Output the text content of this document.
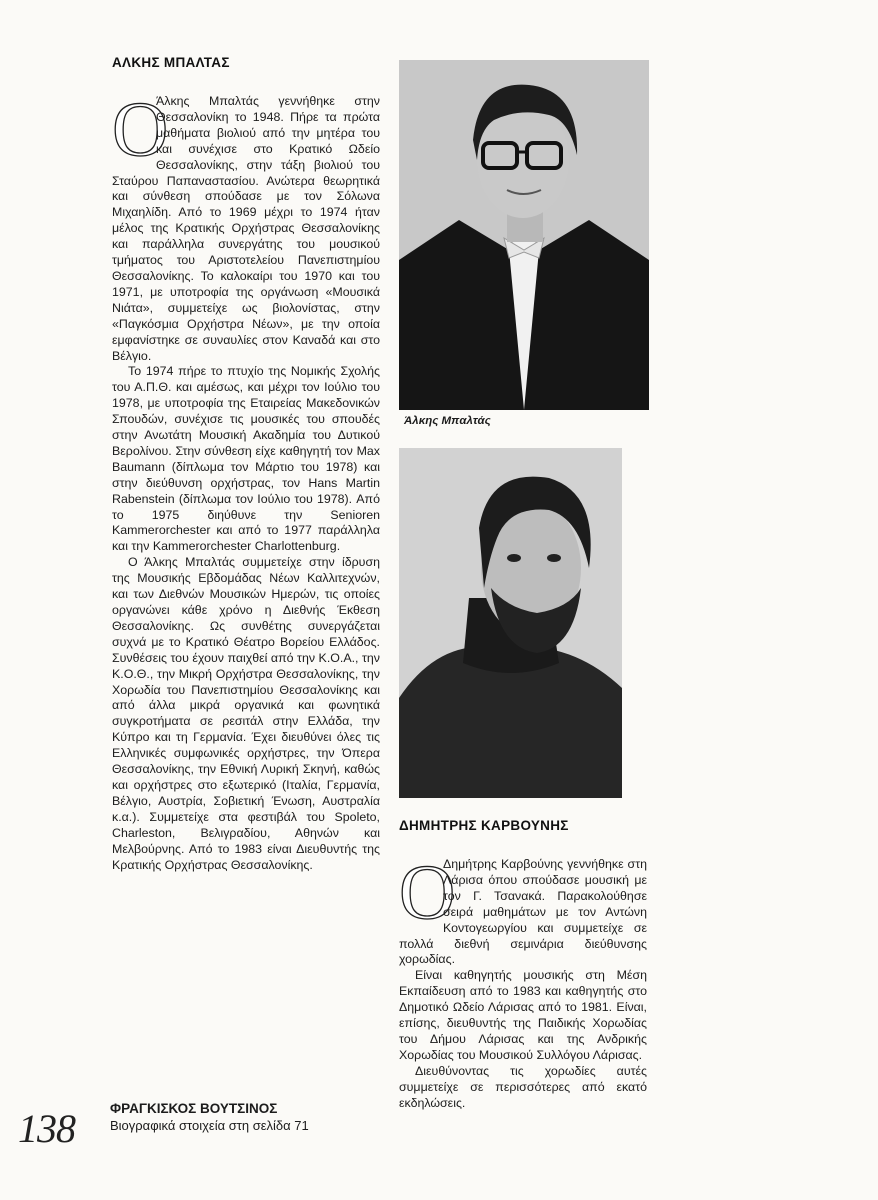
ΑΛΚΗΣ ΜΠΑΛΤΑΣ
Ο

Άλκης Μπαλτάς γεννήθηκε στην Θεσσαλονίκη το 1948. Πήρε τα πρώτα μαθήματα βιολιού από την μητέρα του και συνέχισε στο Κρατικό Ωδείο Θεσσαλονίκης, στην τάξη βιολιού του Σταύρου Παπαναστασίου. Ανώτερα θεωρητικά και σύνθεση σπούδασε με τον Σόλωνα Μιχαηλίδη. Από το 1969 μέχρι το 1974 ήταν μέλος της Κρατικής Ορχήστρας Θεσσαλονίκης και παράλληλα συνεργάτης του μουσικού τμήματος του Αριστοτελείου Πανεπιστημίου Θεσσαλονίκης. Το καλοκαίρι του 1970 και του 1971, με υποτροφία της οργάνωση «Μουσικά Νιάτα», συμμετείχε ως βιολονίστας, στην «Παγκόσμια Ορχήστρα Νέων», με την οποία εμφανίστηκε σε συναυλίες στον Καναδά και στο Βέλγιο.

Το 1974 πήρε το πτυχίο της Νομικής Σχολής του Α.Π.Θ. και αμέσως, και μέχρι τον Ιούλιο του 1978, με υποτροφία της Εταιρείας Μακεδονικών Σπουδών, συνέχισε τις μουσικές του σπουδές στην Ανωτάτη Μουσική Ακαδημία του Δυτικού Βερολίνου. Στην σύνθεση είχε καθηγητή τον Max Baumann (δίπλωμα τον Μάρτιο του 1978) και στην διεύθυνση ορχήστρας, τον Hans Martin Rabenstein (δίπλωμα τον Ιούλιο του 1978). Από το 1975 διηύθυνε την Senioren Kammerorchester και από το 1977 παράλληλα και την Kammerorchester Charlottenburg.

Ο Άλκης Μπαλτάς συμμετείχε στην ίδρυση της Μουσικής Εβδομάδας Νέων Καλλιτεχνών, και των Διεθνών Μουσικών Ημερών, τις οποίες οργανώνει κάθε χρόνο η Διεθνής Έκθεση Θεσσαλονίκης. Ως συνθέτης συνεργάζεται συχνά με το Κρατικό Θέατρο Βορείου Ελλάδος. Συνθέσεις του έχουν παιχθεί από την Κ.Ο.Α., την Κ.Ο.Θ., την Μικρή Ορχήστρα Θεσσαλονίκης, την Χορωδία του Πανεπιστημίου Θεσσαλονίκης και από άλλα μικρά οργανικά και φωνητικά συγκροτήματα σε ρεσιτάλ στην Ελλάδα, την Κύπρο και τη Γερμανία. Έχει διευθύνει όλες τις Ελληνικές συμφωνικές ορχήστρες, την Όπερα Θεσσαλονίκης, την Εθνική Λυρική Σκηνή, καθώς και ορχήστρες στο εξωτερικό (Ιταλία, Γερμανία, Βέλγιο, Αυστρία, Σοβιετική Ένωση, Αυστραλία κ.α.). Συμμετείχε στα φεστιβάλ του Spoleto, Charleston, Βελιγραδίου, Αθηνών και Μελβούρνης. Από το 1983 είναι Διευθυντής της Κρατικής Ορχήστρας Θεσσαλονίκης.

Άλκης Μπαλτάς
ΔΗΜΗΤΡΗΣ ΚΑΡΒΟΥΝΗΣ
Ο

Δημήτρης Καρβούνης γεννήθηκε στη Λάρισα όπου σπούδασε μουσική με τον Γ. Τσανακά. Παρακολούθησε σειρά μαθημάτων με τον Αντώνη Κοντογεωργίου και συμμετείχε σε πολλά διεθνή σεμινάρια διεύθυνσης χορωδίας.

Είναι καθηγητής μουσικής στη Μέση Εκπαίδευση από το 1983 και καθηγητής στο Δημοτικό Ωδείο Λάρισας από το 1981. Είναι, επίσης, διευθυντής της Παιδικής Χορωδίας του Δήμου Λάρισας και της Ανδρικής Χορωδίας του Μουσικού Συλλόγου Λάρισας.

Διευθύνοντας τις χορωδίες αυτές συμμετείχε σε περισσότερες από εκατό εκδηλώσεις.

138	ΦΡΑΓΚΙΣΚΟΣ ΒΟΥΤΣΙΝΟΣ
Βιογραφικά στοιχεία στη σελίδα 71
